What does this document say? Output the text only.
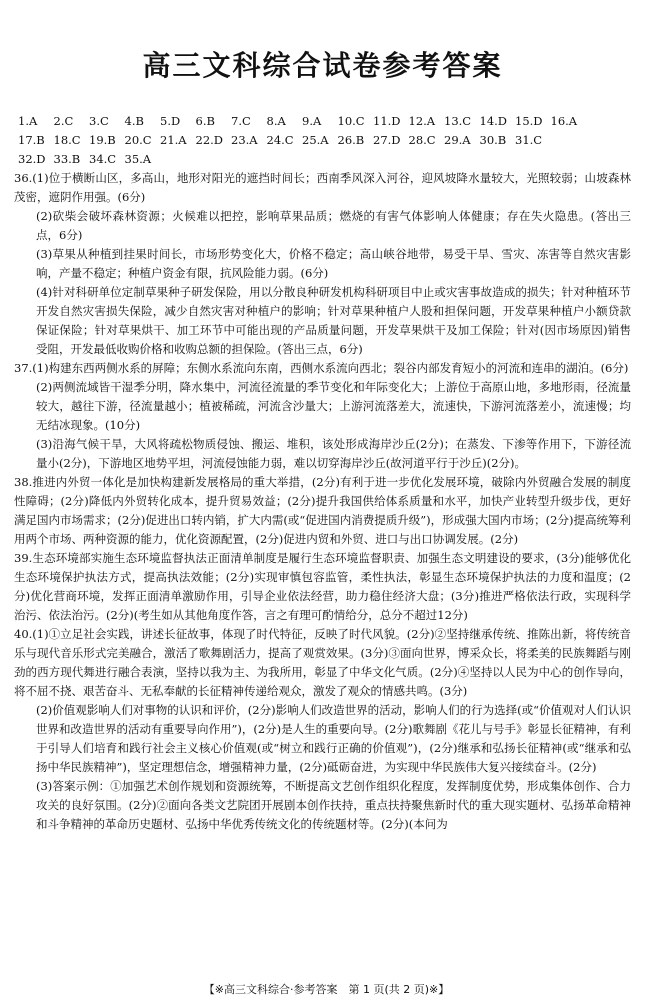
高三文科综合试卷参考答案
1.A 2.C 3.C 4.B 5.D 6.B 7.C 8.A 9.A 10.C 11.D 12.A 13.C 14.D 15.D 16.A
17.B 18.C 19.B 20.C 21.A 22.D 23.A 24.C 25.A 26.B 27.D 28.C 29.A 30.B 31.C
32.D 33.B 34.C 35.A

36.(1)位于横断山区，多高山，地形对阳光的遮挡时间长；西南季风深入河谷，迎风坡降水量较大，光照较弱；山坡森林茂密，遮阴作用强。(6分)

(2)砍柴会破坏森林资源；火候难以把控，影响草果品质；燃烧的有害气体影响人体健康；存在失火隐患。(答出三点，6分)

(3)草果从种植到挂果时间长，市场形势变化大，价格不稳定；高山峡谷地带，易受干旱、雪灾、冻害等自然灾害影响，产量不稳定；种植户资金有限，抗风险能力弱。(6分)

(4)针对科研单位定制草果种子研发保险，用以分散良种研发机构科研项目中止或灾害事故造成的损失；针对种植环节开发自然灾害损失保险，减少自然灾害对种植户的影响；针对草果种植户人股和担保问题，开发草果种植户小额贷款保证保险；针对草果烘干、加工环节中可能出现的产品质量问题，开发草果烘干及加工保险；针对(因市场原因)销售受阻，开发最低收购价格和收购总额的担保险。(答出三点，6分)

37.(1)构建东西两侧水系的屏障；东侧水系流向东南，西侧水系流向西北；裂谷内部发育短小的河流和连串的湖泊。(6分)

(2)两侧流域皆干湿季分明，降水集中，河流径流量的季节变化和年际变化大；上游位于高原山地，多地形雨，径流量较大，越往下游，径流量越小；植被稀疏，河流含沙量大；上游河流落差大，流速快，下游河流落差小，流速慢；均无结冰现象。(10分)

(3)沿海气候干旱，大风将疏松物质侵蚀、搬运、堆积，该处形成海岸沙丘(2分)；在蒸发、下渗等作用下，下游径流量小(2分)，下游地区地势平坦，河流侵蚀能力弱，难以切穿海岸沙丘(故河道平行于沙丘)(2分)。

38.推进内外贸一体化是加快构建新发展格局的重大举措，(2分)有利于进一步优化发展环境，破除内外贸融合发展的制度性障碍；(2分)降低内外贸转化成本，提升贸易效益；(2分)提升我国供给体系质量和水平，加快产业转型升级步伐，更好满足国内市场需求；(2分)促进出口转内销，扩大内需(或“促进国内消费提质升级”)，形成强大国内市场；(2分)提高统筹利用两个市场、两种资源的能力，优化资源配置，(2分)促进内贸和外贸、进口与出口协调发展。(2分)

39.生态环境部实施生态环境监督执法正面清单制度是履行生态环境监督职责、加强生态文明建设的要求，(3分)能够优化生态环境保护执法方式，提高执法效能；(2分)实现审慎包容监管，柔性执法，彰显生态环境保护执法的力度和温度；(2分)优化营商环境，发挥正面清单激励作用，引导企业依法经营，助力稳住经济大盘；(3分)推进严格依法行政，实现科学治污、依法治污。(2分)(考生如从其他角度作答，言之有理可酌情给分，总分不超过12分)

40.(1)①立足社会实践，讲述长征故事，体现了时代特征，反映了时代风貌。(2分)②坚持继承传统、推陈出新，将传统音乐与现代音乐形式完美融合，激活了歌舞剧活力，提高了观赏效果。(3分)③面向世界，博采众长，将柔美的民族舞蹈与刚劲的西方现代舞进行融合表演，坚持以我为主、为我所用，彰显了中华文化气质。(2分)④坚持以人民为中心的创作导向，将不屈不挠、艰苦奋斗、无私奉献的长征精神传递给观众，激发了观众的情感共鸣。(3分)

(2)价值观影响人们对事物的认识和评价，(2分)影响人们改造世界的活动，影响人们的行为选择(或“价值观对人们认识世界和改造世界的活动有重要导向作用”)，(2分)是人生的重要向导。(2分)歌舞剧《花儿与号手》彰显长征精神，有利于引导人们培育和践行社会主义核心价值观(或“树立和践行正确的价值观”)，(2分)继承和弘扬长征精神(或“继承和弘扬中华民族精神”)，坚定理想信念，增强精神力量，(2分)砥砺奋进，为实现中华民族伟大复兴接续奋斗。(2分)

(3)答案示例：①加强艺术创作规划和资源统筹，不断提高文艺创作组织化程度，发挥制度优势，形成集体创作、合力攻关的良好氛围。(2分)②面向各类文艺院团开展剧本创作扶持，重点扶持聚焦新时代的重大现实题材、弘扬革命精神和斗争精神的革命历史题材、弘扬中华优秀传统文化的传统题材等。(2分)(本问为

【※高三文科综合·参考答案　第 1 页(共 2 页)※】
